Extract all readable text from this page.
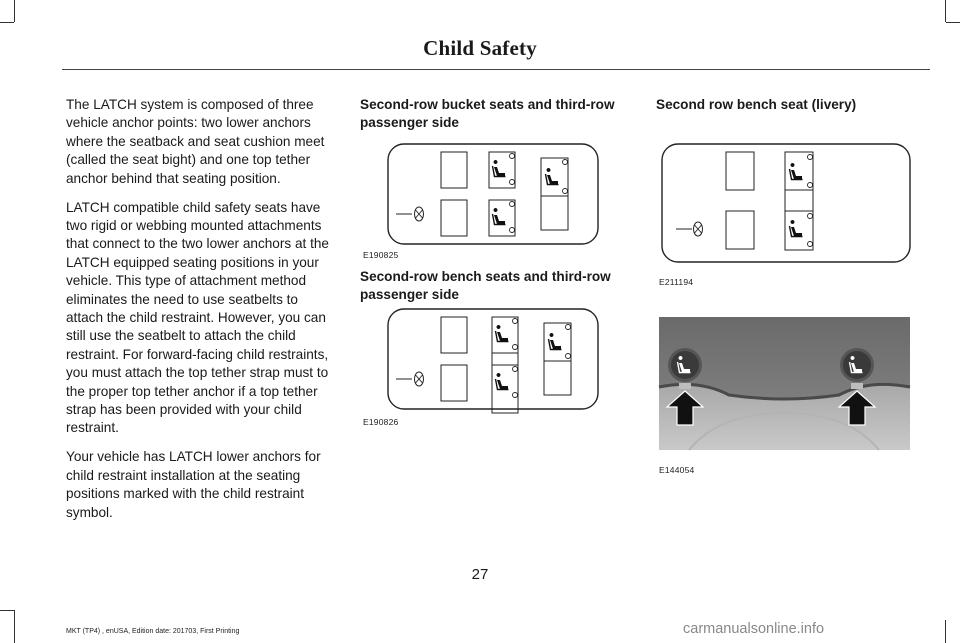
Child Safety

The LATCH system is composed of three vehicle anchor points: two lower anchors where the seatback and seat cushion meet (called the seat bight) and one top tether anchor behind that seating position.

LATCH compatible child safety seats have two rigid or webbing mounted attachments that connect to the two lower anchors at the LATCH equipped seating positions in your vehicle. This type of attachment method eliminates the need to use seatbelts to attach the child restraint. However, you can still use the seatbelt to attach the child restraint. For forward-facing child restraints, you must attach the top tether strap must to the proper top tether anchor if a top tether strap has been provided with your child restraint.

Your vehicle has LATCH lower anchors for child restraint installation at the seating positions marked with the child restraint symbol.

Second-row bucket seats and third-row passenger side
E190825
Second-row bench seats and third-row passenger side
E190826
Second row bench seat (livery)
E211194
E144054
27
MKT (TP4) , enUSA, Edition date: 201703, First Printing	carmanualsonline.info
